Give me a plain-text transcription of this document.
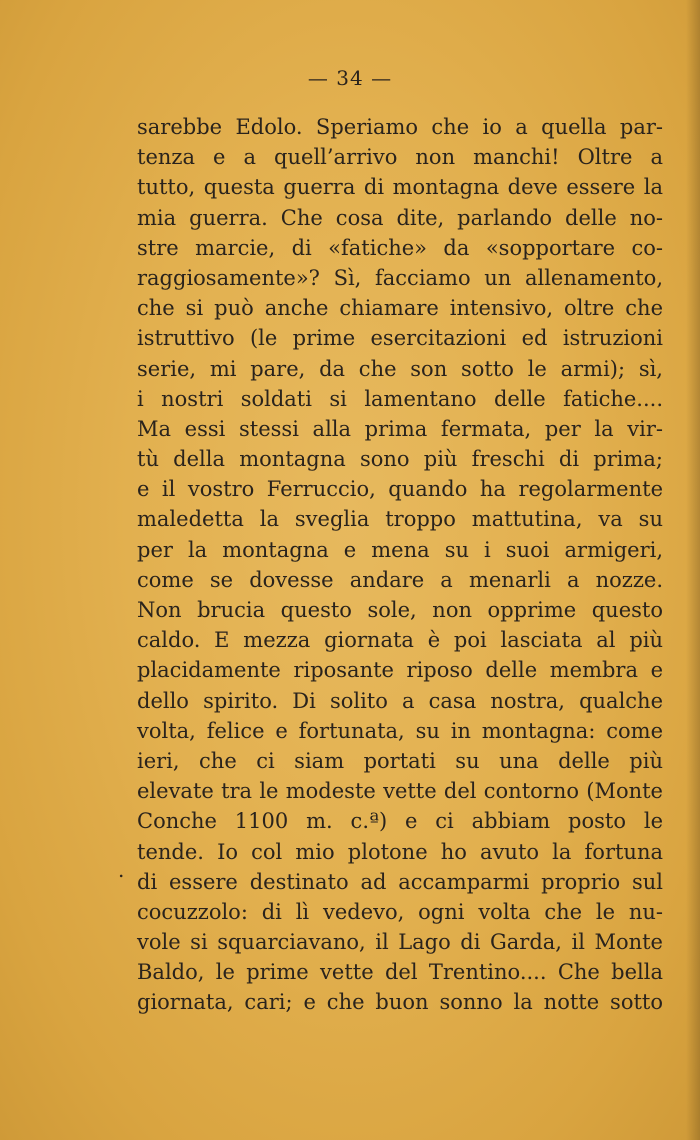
— 34 —
.
sarebbe Edolo. Speriamo che io a quella par-
tenza e a quell’arrivo non manchi! Oltre a
tutto, questa guerra di montagna deve essere la
mia guerra. Che cosa dite, parlando delle no-
stre marcie, di «fatiche» da «sopportare co-
raggiosamente»? Sì, facciamo un allenamento,
che si può anche chiamare intensivo, oltre che
istruttivo (le prime esercitazioni ed istruzioni
serie, mi pare, da che son sotto le armi); sì,
i nostri soldati si lamentano delle fatiche....
Ma essi stessi alla prima fermata, per la vir-
tù della montagna sono più freschi di prima;
e il vostro Ferruccio, quando ha regolarmente
maledetta la sveglia troppo mattutina, va su
per la montagna e mena su i suoi armigeri,
come se dovesse andare a menarli a nozze.
Non brucia questo sole, non opprime questo
caldo. E mezza giornata è poi lasciata al più
placidamente riposante riposo delle membra e
dello spirito. Di solito a casa nostra, qualche
volta, felice e fortunata, su in montagna: come
ieri, che ci siam portati su una delle più
elevate tra le modeste vette del contorno (Monte
Conche 1100 m. c.ª) e ci abbiam posto le
tende. Io col mio plotone ho avuto la fortuna
di essere destinato ad accamparmi proprio sul
cocuzzolo: di lì vedevo, ogni volta che le nu-
vole si squarciavano, il Lago di Garda, il Monte
Baldo, le prime vette del Trentino.... Che bella
giornata, cari; e che buon sonno la notte sotto
